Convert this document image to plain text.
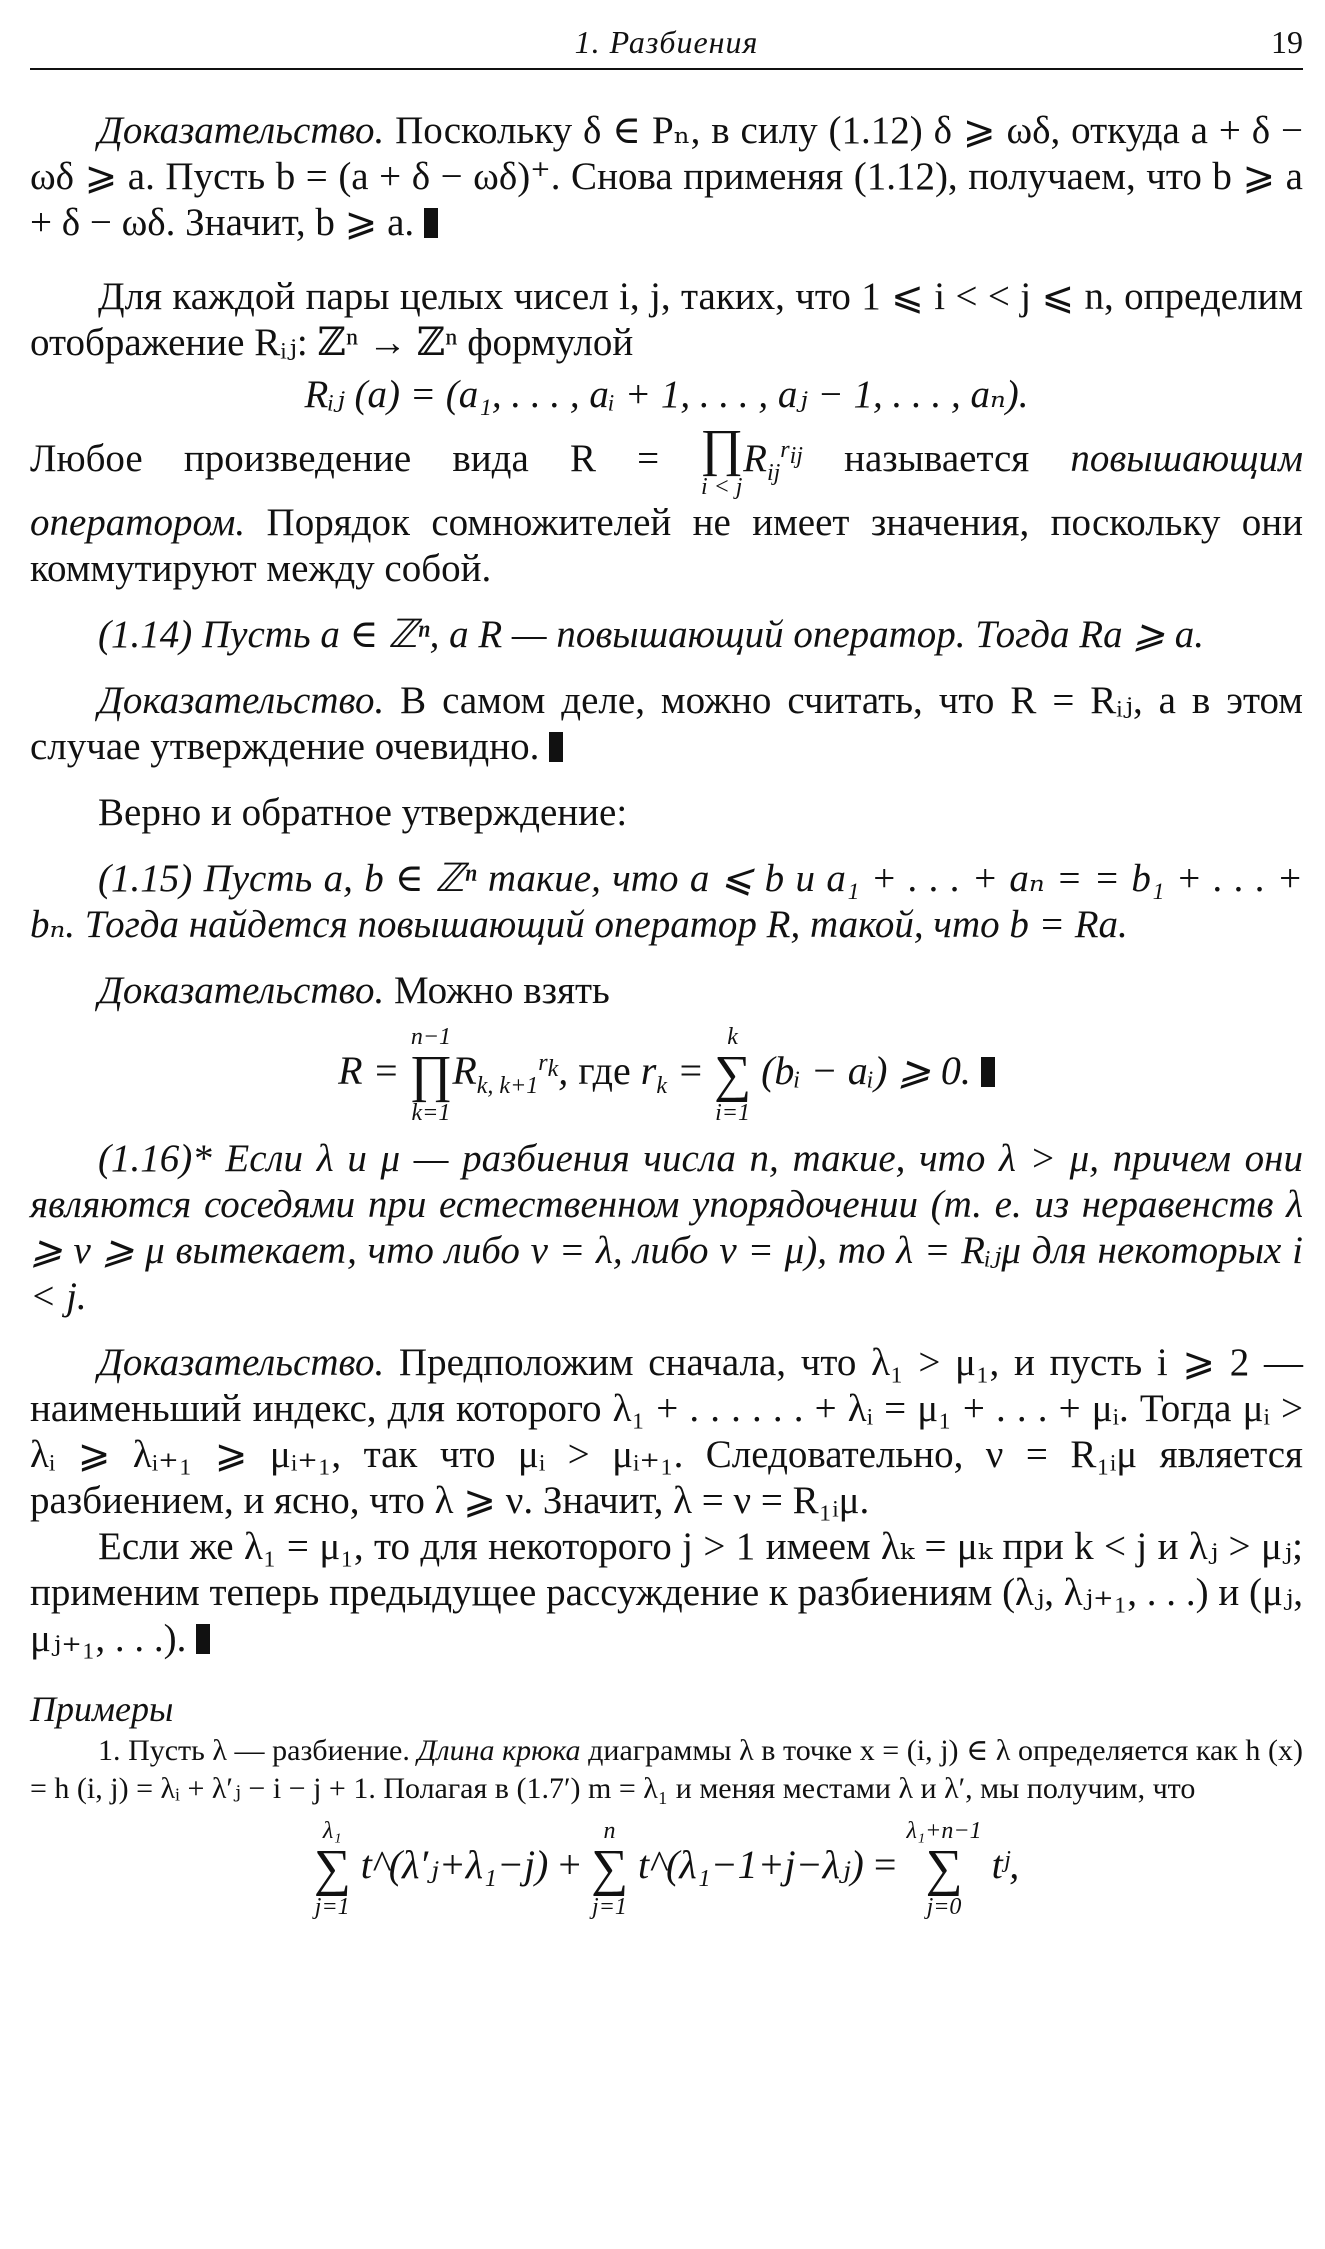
1. Разбиения	19

Доказательство. Поскольку δ ∈ Pₙ, в силу (1.12) δ ⩾ ωδ, откуда a + δ − ωδ ⩾ a. Пусть b = (a + δ − ωδ)⁺. Снова применяя (1.12), получаем, что b ⩾ a + δ − ωδ. Значит, b ⩾ a.

Для каждой пары целых чисел i, j, таких, что 1 ⩽ i < < j ⩽ n, определим отображение Rᵢⱼ: ℤⁿ → ℤⁿ формулой

Rᵢⱼ (a) = (a₁, . . . , aᵢ + 1, . . . , aⱼ − 1, . . . , aₙ).

Любое произведение вида R = ∏
i < j
$R_{ij}^{r_{ij}}$ называется повышающим оператором. Порядок сомножителей не имеет значения, поскольку они коммутируют между собой.

(1.14) Пусть a ∈ ℤⁿ, а R — повышающий оператор. Тогда Ra ⩾ a.

Доказательство. В самом деле, можно считать, что R = Rᵢⱼ, а в этом случае утверждение очевидно.

Верно и обратное утверждение:

(1.15) Пусть a, b ∈ ℤⁿ такие, что a ⩽ b и a₁ + . . . + aₙ = = b₁ + . . . + bₙ. Тогда найдется повышающий оператор R, такой, что b = Ra.

Доказательство. Можно взять

R =
n−1
∏
k=1
$R_{k, k+1}^{r_k}$, где $r_k$ =
k
∑
i=1
(bᵢ − aᵢ) ⩾ 0.

(1.16)* Если λ и μ — разбиения числа n, такие, что λ > μ, причем они являются соседями при естественном упорядочении (т. е. из неравенств λ ⩾ ν ⩾ μ вытекает, что либо ν = λ, либо ν = μ), то λ = Rᵢⱼμ для некоторых i < j.

Доказательство. Предположим сначала, что λ₁ > μ₁, и пусть i ⩾ 2 — наименьший индекс, для которого λ₁ + . . . . . . + λᵢ = μ₁ + . . . + μᵢ. Тогда μᵢ > λᵢ ⩾ λᵢ₊₁ ⩾ μᵢ₊₁, так что μᵢ > μᵢ₊₁. Следовательно, ν = R₁ᵢμ является разбиением, и ясно, что λ ⩾ ν. Значит, λ = ν = R₁ᵢμ.

Если же λ₁ = μ₁, то для некоторого j > 1 имеем λₖ = μₖ при k < j и λⱼ > μⱼ; применим теперь предыдущее рассуждение к разбиениям (λⱼ, λⱼ₊₁, . . .) и (μⱼ, μⱼ₊₁, . . .).

Примеры

1. Пусть λ — разбиение. Длина крюка диаграммы λ в точке x = (i, j) ∈ λ определяется как h (x) = h (i, j) = λᵢ + λ′ⱼ − i − j + 1. Полагая в (1.7′) m = λ₁ и меняя местами λ и λ′, мы получим, что

λ₁
∑
j=1
t^(λ′ⱼ+λ₁−j) +
n
∑
j=1
t^(λ₁−1+j−λⱼ) =
λ₁+n−1
∑
j=0
tʲ,
